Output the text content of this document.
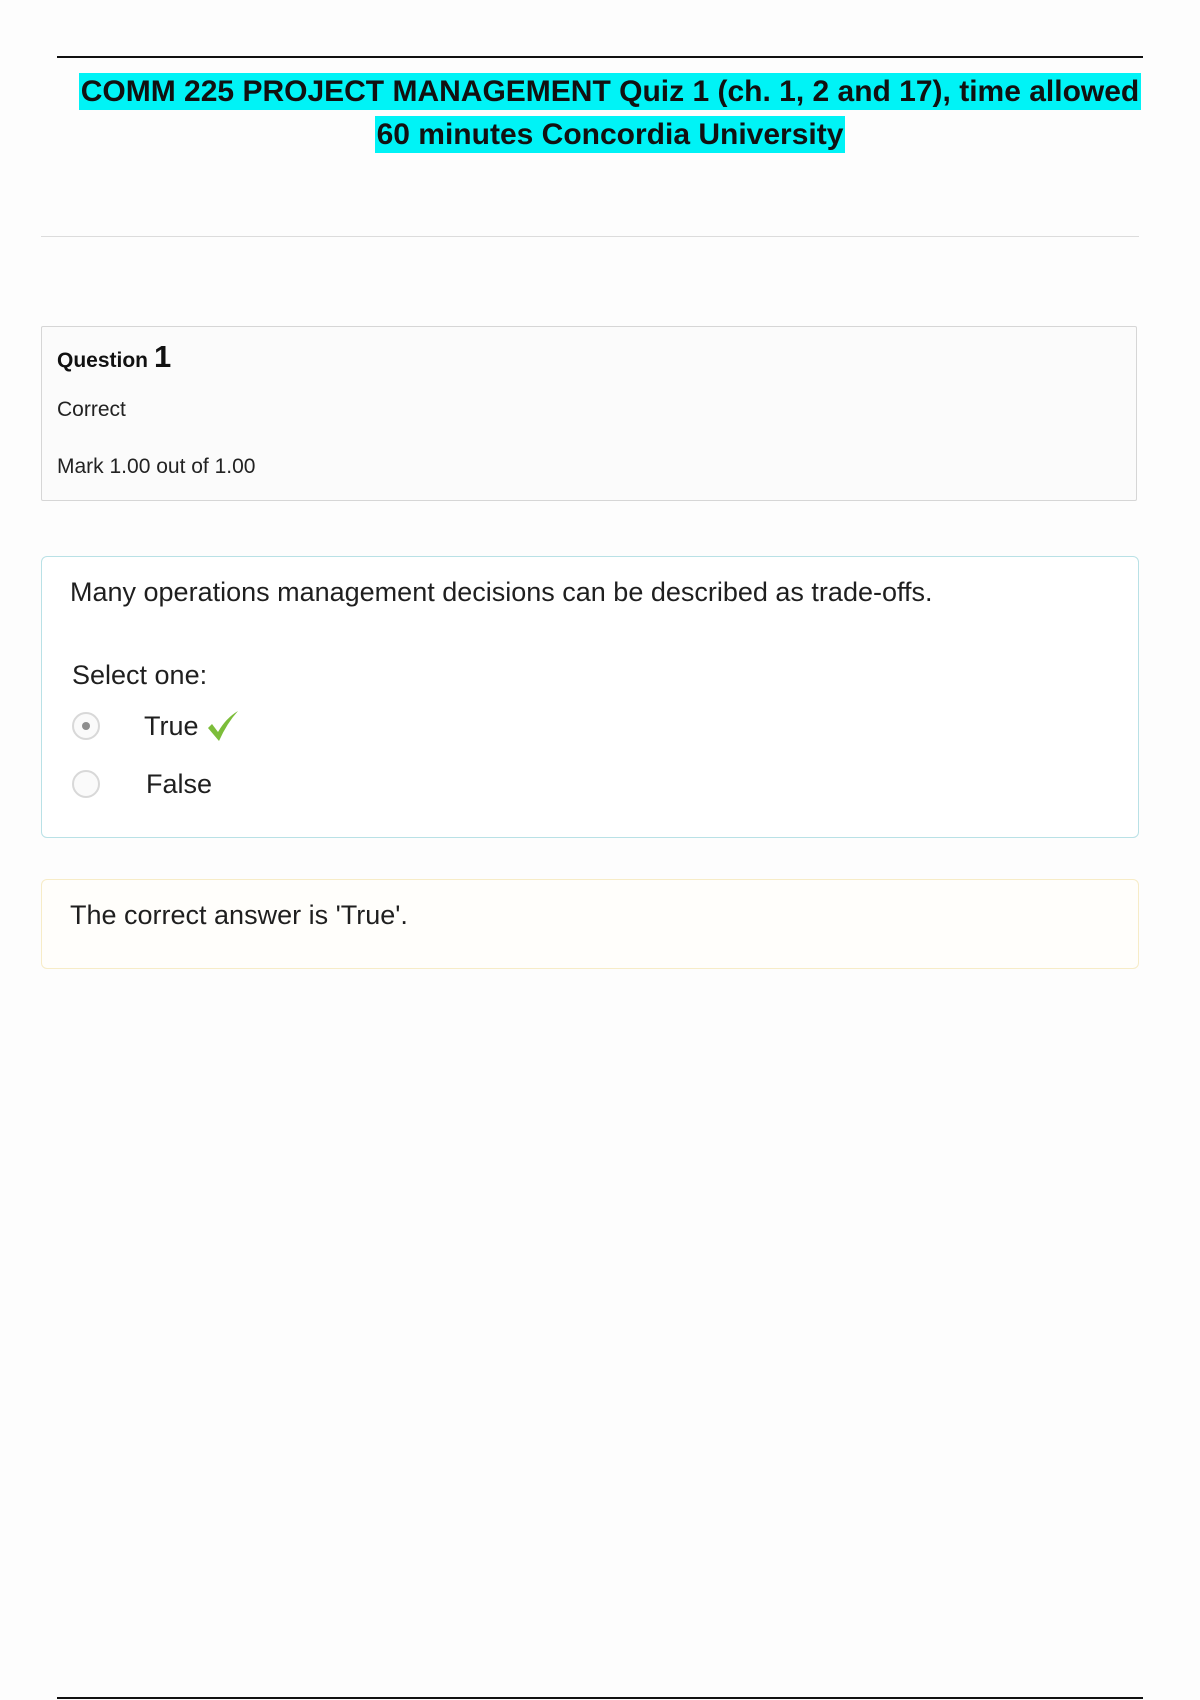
COMM 225 PROJECT MANAGEMENT Quiz 1 (ch. 1, 2 and 17), time allowed
60 minutes Concordia University
Question 1
Correct
Mark 1.00 out of 1.00
Many operations management decisions can be described as trade-offs.
Select one:
True
False
The correct answer is 'True'.
